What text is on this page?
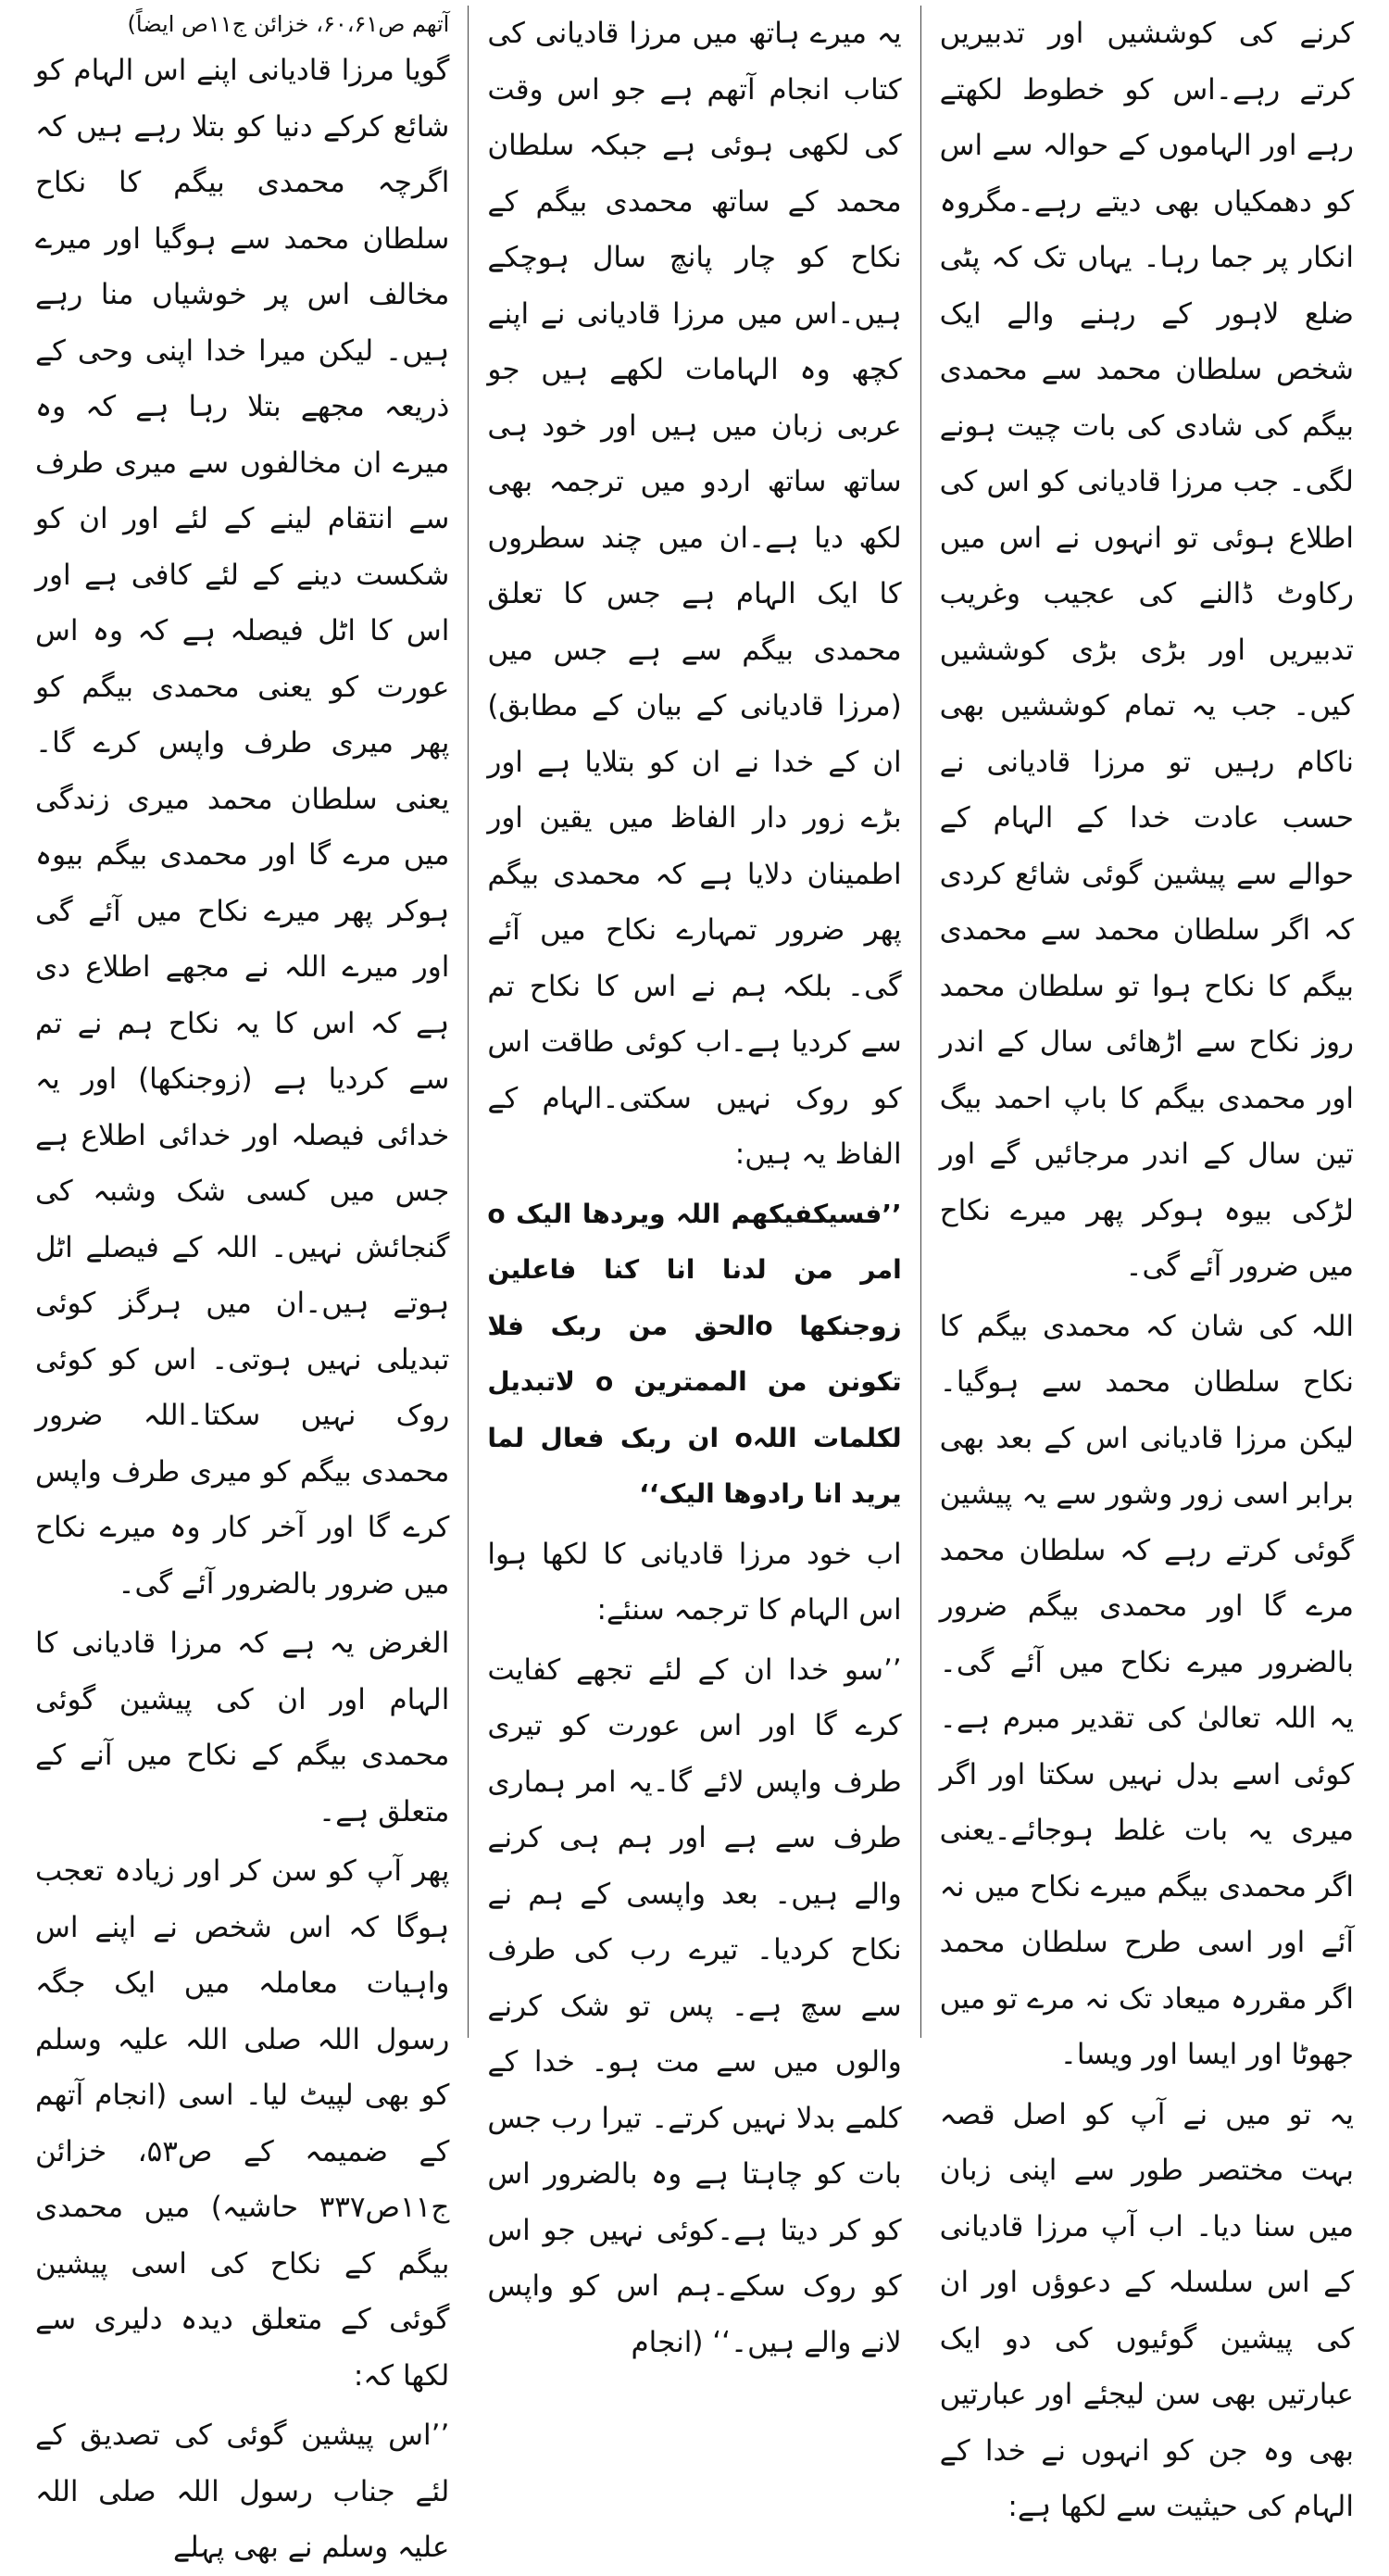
کرنے کی کوششیں اور تدبیریں کرتے رہے۔اس کو خطوط لکھتے رہے اور الہاموں کے حوالہ سے اس کو دھمکیاں بھی دیتے رہے۔مگروہ انکار پر جما رہا۔ یہاں تک کہ پٹی ضلع لاہور کے رہنے والے ایک شخص سلطان محمد سے محمدی بیگم کی شادی کی بات چیت ہونے لگی۔ جب مرزا قادیانی کو اس کی اطلاع ہوئی تو انہوں نے اس میں رکاوٹ ڈالنے کی عجیب وغریب تدبیریں اور بڑی بڑی کوششیں کیں۔ جب یہ تمام کوششیں بھی ناکام رہیں تو مرزا قادیانی نے حسب عادت خدا کے الہام کے حوالے سے پیشین گوئی شائع کردی کہ اگر سلطان محمد سے محمدی بیگم کا نکاح ہوا تو سلطان محمد روز نکاح سے اڑھائی سال کے اندر اور محمدی بیگم کا باپ احمد بیگ تین سال کے اندر مرجائیں گے اور لڑکی بیوہ ہوکر پھر میرے نکاح میں ضرور آئے گی۔

اللہ کی شان کہ محمدی بیگم کا نکاح سلطان محمد سے ہوگیا۔لیکن مرزا قادیانی اس کے بعد بھی برابر اسی زور وشور سے یہ پیشین گوئی کرتے رہے کہ سلطان محمد مرے گا اور محمدی بیگم ضرور بالضرور میرے نکاح میں آئے گی۔ یہ اللہ تعالیٰ کی تقدیر مبرم ہے۔کوئی اسے بدل نہیں سکتا اور اگر میری یہ بات غلط ہوجائے۔یعنی اگر محمدی بیگم میرے نکاح میں نہ آئے اور اسی طرح سلطان محمد اگر مقررہ میعاد تک نہ مرے تو میں جھوٹا اور ایسا اور ویسا۔

یہ تو میں نے آپ کو اصل قصہ بہت مختصر طور سے اپنی زبان میں سنا دیا۔ اب آپ مرزا قادیانی کے اس سلسلہ کے دعوؤں اور ان کی پیشین گوئیوں کی دو ایک عبارتیں بھی سن لیجئے اور عبارتیں بھی وہ جن کو انہوں نے خدا کے الہام کی حیثیت سے لکھا ہے:

یہ میرے ہاتھ میں مرزا قادیانی کی کتاب انجام آتھم ہے جو اس وقت کی لکھی ہوئی ہے جبکہ سلطان محمد کے ساتھ محمدی بیگم کے نکاح کو چار پانچ سال ہوچکے ہیں۔اس میں مرزا قادیانی نے اپنے کچھ وہ الہامات لکھے ہیں جو عربی زبان میں ہیں اور خود ہی ساتھ ساتھ اردو میں ترجمہ بھی لکھ دیا ہے۔ان میں چند سطروں کا ایک الہام ہے جس کا تعلق محمدی بیگم سے ہے جس میں (مرزا قادیانی کے بیان کے مطابق) ان کے خدا نے ان کو بتلایا ہے اور بڑے زور دار الفاظ میں یقین اور اطمینان دلایا ہے کہ محمدی بیگم پھر ضرور تمہارے نکاح میں آئے گی۔ بلکہ ہم نے اس کا نکاح تم سے کردیا ہے۔اب کوئی طاقت اس کو روک نہیں سکتی۔الہام کے الفاظ یہ ہیں:

’’فسیکفیکھم اللہ ویردھا الیک o امر من لدنا انا کنا فاعلین زوجنکھا oالحق من ربک فلا تکونن من الممترین o لاتبدیل لکلمات اللہo ان ربک فعال لما یرید انا رادوھا الیک‘‘

اب خود مرزا قادیانی کا لکھا ہوا اس الہام کا ترجمہ سنئے:

’’سو خدا ان کے لئے تجھے کفایت کرے گا اور اس عورت کو تیری طرف واپس لائے گا۔یہ امر ہماری طرف سے ہے اور ہم ہی کرنے والے ہیں۔ بعد واپسی کے ہم نے نکاح کردیا۔ تیرے رب کی طرف سے سچ ہے۔ پس تو شک کرنے والوں میں سے مت ہو۔ خدا کے کلمے بدلا نہیں کرتے۔ تیرا رب جس بات کو چاہتا ہے وہ بالضرور اس کو کر دیتا ہے۔کوئی نہیں جو اس کو روک سکے۔ہم اس کو واپس لانے والے ہیں۔‘‘ (انجام

آتھم ص۶۰،۶۱، خزائن ج۱۱ص ایضاً)

گویا مرزا قادیانی اپنے اس الہام کو شائع کرکے دنیا کو بتلا رہے ہیں کہ اگرچہ محمدی بیگم کا نکاح سلطان محمد سے ہوگیا اور میرے مخالف اس پر خوشیاں منا رہے ہیں۔ لیکن میرا خدا اپنی وحی کے ذریعہ مجھے بتلا رہا ہے کہ وہ میرے ان مخالفوں سے میری طرف سے انتقام لینے کے لئے اور ان کو شکست دینے کے لئے کافی ہے اور اس کا اٹل فیصلہ ہے کہ وہ اس عورت کو یعنی محمدی بیگم کو پھر میری طرف واپس کرے گا۔یعنی سلطان محمد میری زندگی میں مرے گا اور محمدی بیگم بیوہ ہوکر پھر میرے نکاح میں آئے گی اور میرے اللہ نے مجھے اطلاع دی ہے کہ اس کا یہ نکاح ہم نے تم سے کردیا ہے (زوجنکھا) اور یہ خدائی فیصلہ اور خدائی اطلاع ہے جس میں کسی شک وشبہ کی گنجائش نہیں۔ اللہ کے فیصلے اٹل ہوتے ہیں۔ان میں ہرگز کوئی تبدیلی نہیں ہوتی۔ اس کو کوئی روک نہیں سکتا۔اللہ ضرور محمدی بیگم کو میری طرف واپس کرے گا اور آخر کار وہ میرے نکاح میں ضرور بالضرور آئے گی۔

الغرض یہ ہے کہ مرزا قادیانی کا الہام اور ان کی پیشین گوئی محمدی بیگم کے نکاح میں آنے کے متعلق ہے۔

پھر آپ کو سن کر اور زیادہ تعجب ہوگا کہ اس شخص نے اپنے اس واہیات معاملہ میں ایک جگہ رسول اللہ صلی اللہ علیہ وسلم کو بھی لپیٹ لیا۔ اسی (انجام آتھم کے ضمیمہ کے ص۵۳، خزائن ج۱۱ص۳۳۷ حاشیہ) میں محمدی بیگم کے نکاح کی اسی پیشین گوئی کے متعلق دیدہ دلیری سے لکھا کہ:

’’اس پیشین گوئی کی تصدیق کے لئے جناب رسول اللہ صلی اللہ علیہ وسلم نے بھی پہلے
